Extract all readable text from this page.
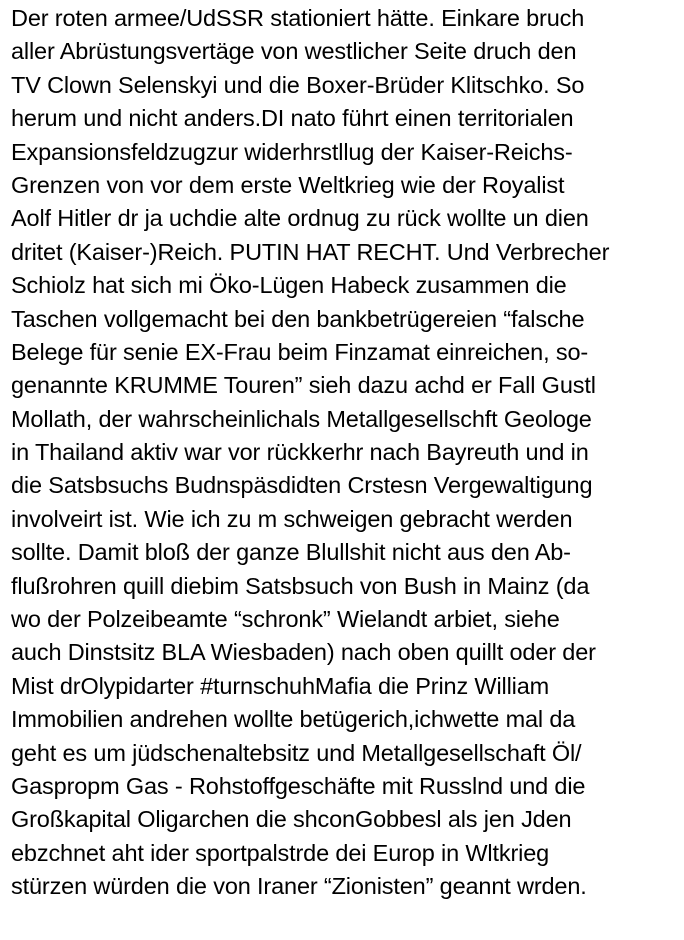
Der roten armee/UdSSR stationiert hätte. Einkare bruch
aller Abrüstungsvertäge von westlicher Seite druch den
TV Clown Selenskyi und die Boxer-Brüder Klitschko. So
herum und nicht anders.DI nato führt einen territorialen
Expansionsfeldzugzur widerhrstllug der Kaiser-Reichs-
Grenzen von vor dem erste Weltkrieg wie der Royalist
Aolf Hitler dr ja uchdie alte ordnug zu rück wollte un dien
dritet (Kaiser-)Reich. PUTIN HAT RECHT. Und Verbrecher
Schiolz hat sich mi Öko-Lügen Habeck zusammen die
Taschen vollgemacht bei den bankbetrügereien “falsche
Belege für senie EX-Frau beim Finzamat einreichen, so-
genannte KRUMME Touren” sieh dazu achd er Fall Gustl
Mollath, der wahrscheinlichals Metallgesellschft Geologe
in Thailand aktiv war vor rückkerhr nach Bayreuth und in
die Satsbsuchs Budnspäsdidten Crstesn Vergewaltigung
involveirt ist. Wie ich zu m schweigen gebracht werden
sollte. Damit bloß der ganze Blullshit nicht aus den Ab-
flußrohren quill diebim Satsbsuch von Bush in Mainz (da
wo der Polzeibeamte “schronk” Wielandt arbiet, siehe
auch Dinstsitz BLA Wiesbaden) nach oben quillt oder der
Mist drOlypidarter #turnschuhMafia die Prinz William
Immobilien andrehen wollte betügerich,ichwette mal da
geht es um jüdschenaltebsitz und Metallgesellschaft Öl/
Gaspropm Gas - Rohstoffgeschäfte mit Russlnd und die
Großkapital Oligarchen die shconGobbesl als jen Jden
ebzchnet aht ider sportpalstrde dei Europ in Wltkrieg
stürzen würden die von Iraner “Zionisten” geannt wrden.
